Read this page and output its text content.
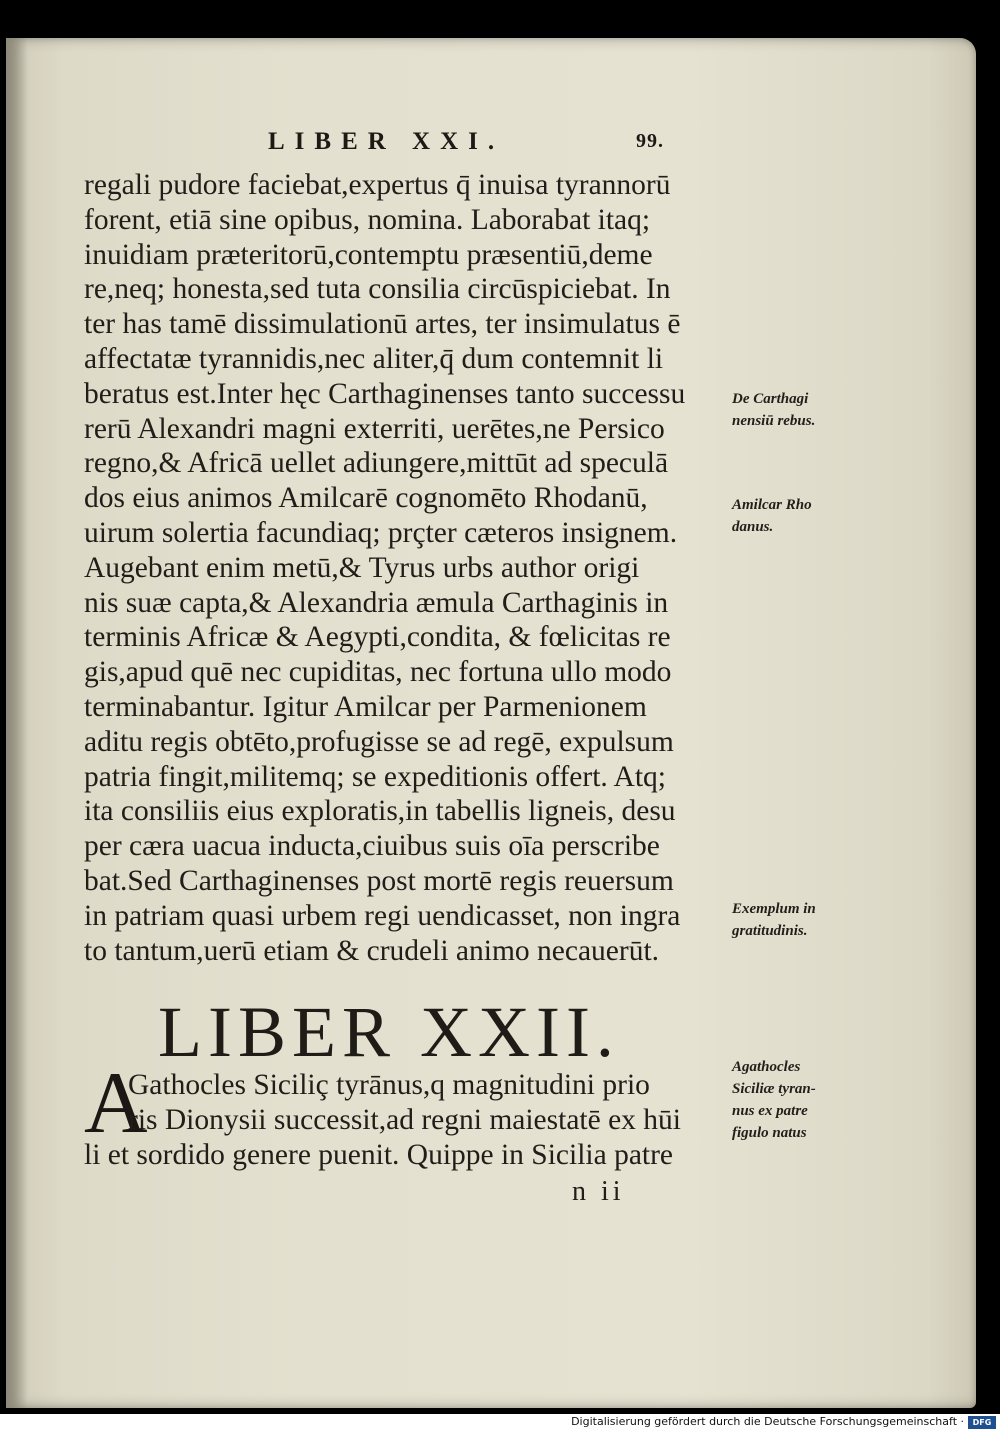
LIBER XXI.	99.
regali pudore faciebat,expertus q̄ inuisa tyrannorū
forent, etiā sine opibus, nomina. Laborabat itaq;
inuidiam præteritorū,contemptu præsentiū,deme
re,neq; honesta,sed tuta consilia circūspiciebat. In
ter has tamē dissimulationū artes, ter insimulatus ē
affectatæ tyrannidis,nec aliter,q̄ dum contemnit li
beratus est.Inter hęc Carthaginenses tanto successu
rerū Alexandri magni exterriti, uerētes,ne Persico
regno,& Africā uellet adiungere,mittūt ad speculā
dos eius animos Amilcarē cognomēto Rhodanū,
uirum solertia facundiaq; prçter cæteros insignem.
Augebant enim metū,& Tyrus urbs author origi
nis suæ capta,& Alexandria æmula Carthaginis in
terminis Africæ & Aegypti,condita, & fœlicitas re
gis,apud quē nec cupiditas, nec fortuna ullo modo
terminabantur. Igitur Amilcar per Parmenionem
aditu regis obtēto,profugisse se ad regē, expulsum
patria fingit,militemq; se expeditionis offert. Atq;
ita consiliis eius exploratis,in tabellis ligneis, desu
per cæra uacua inducta,ciuibus suis oīa perscribe
bat.Sed Carthaginenses post mortē regis reuersum
in patriam quasi urbem regi uendicasset, non ingra
to tantum,uerū etiam & crudeli animo necauerūt.
LIBER XXII.
A
Gathocles Siciliç tyrānus,q magnitudini prio
ris Dionysii successit,ad regni maiestatē ex hūi
li et sordido genere puenit. Quippe in Sicilia patre
n ii
De Carthagi
nensiū rebus.
Amilcar Rho
danus.
Exemplum in
gratitudinis.
Agathocles
Siciliæ tyran-
nus ex patre
figulo natus
Digitalisierung gefördert durch die Deutsche Forschungsgemeinschaft ·	DFG
